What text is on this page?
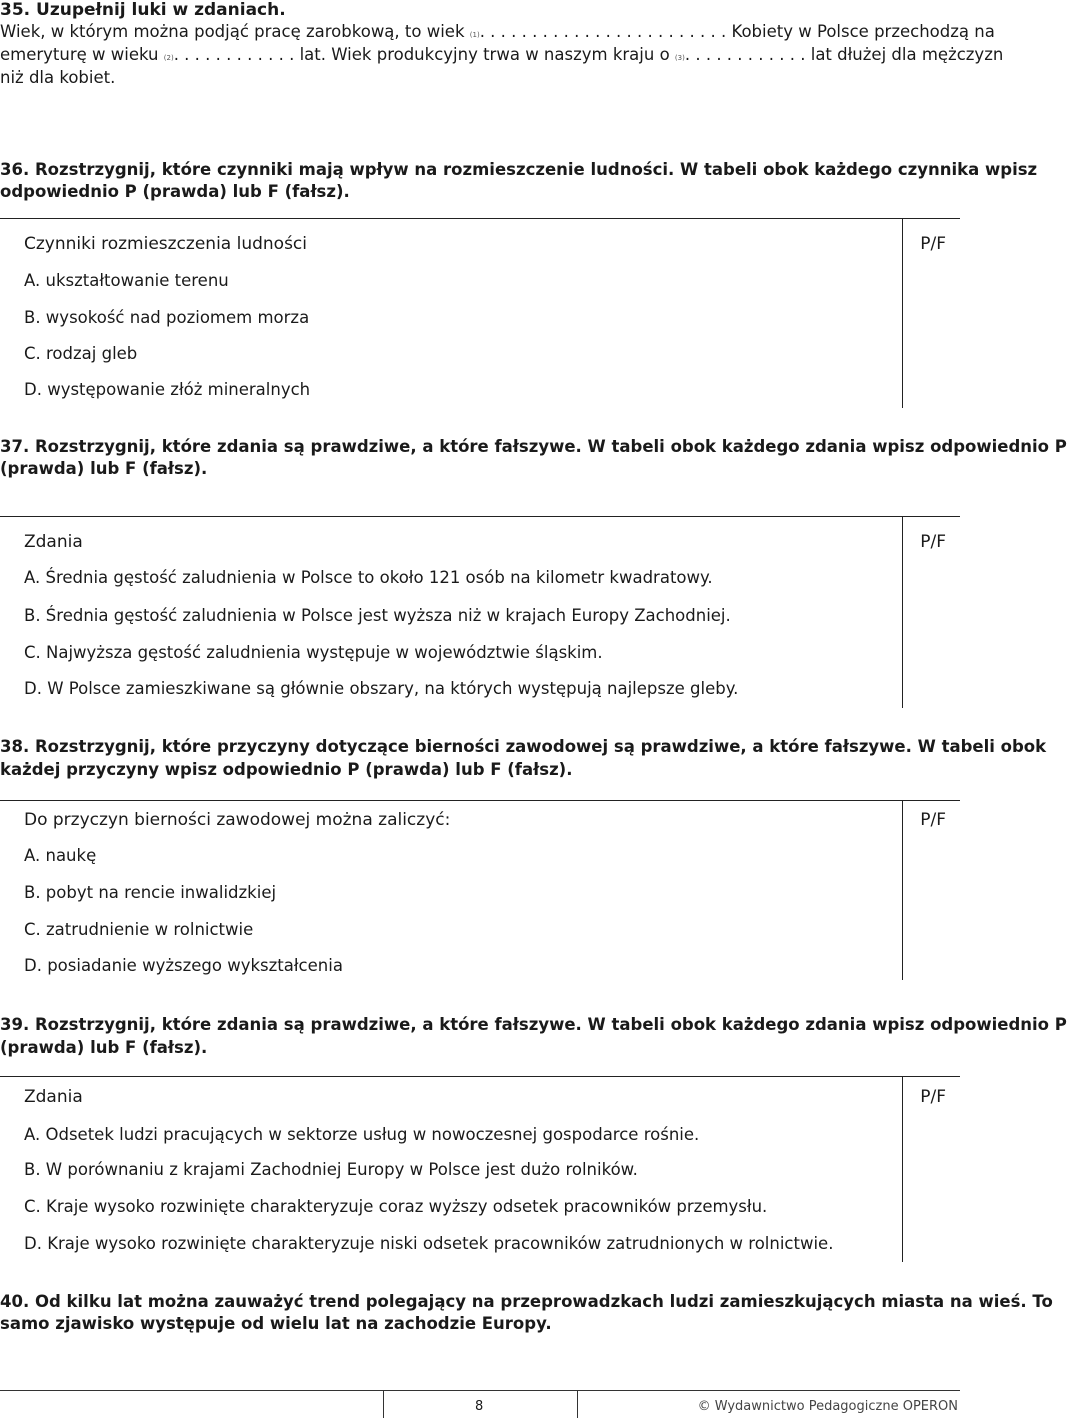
35. Uzupełnij luki w zdaniach.
Wiek, w którym można podjąć pracę zarobkową, to wiek (1). . . . . . . . . . . . . . . . . . . . . . . . Kobiety w Polsce przechodzą na
emeryturę w wieku (2). . . . . . . . . . . . lat. Wiek produkcyjny trwa w naszym kraju o (3). . . . . . . . . . . . lat dłużej dla mężczyzn
niż dla kobiet.
36. Rozstrzygnij, które czynniki mają wpływ na rozmieszczenie ludności. W tabeli obok każdego czynnika wpisz
odpowiednio P (prawda) lub F (fałsz).
Czynniki rozmieszczenia ludności	P/F
A. ukształtowanie terenu
B. wysokość nad poziomem morza
C. rodzaj gleb
D. występowanie złóż mineralnych
37. Rozstrzygnij, które zdania są prawdziwe, a które fałszywe. W tabeli obok każdego zdania wpisz odpowiednio P
(prawda) lub F (fałsz).
Zdania	P/F
A. Średnia gęstość zaludnienia w Polsce to około 121 osób na kilometr kwadratowy.
B. Średnia gęstość zaludnienia w Polsce jest wyższa niż w krajach Europy Zachodniej.
C. Najwyższa gęstość zaludnienia występuje w województwie śląskim.
D. W Polsce zamieszkiwane są głównie obszary, na których występują najlepsze gleby.
38. Rozstrzygnij, które przyczyny dotyczące bierności zawodowej są prawdziwe, a które fałszywe. W tabeli obok
każdej przyczyny wpisz odpowiednio P (prawda) lub F (fałsz).
Do przyczyn bierności zawodowej można zaliczyć:	P/F
A. naukę
B. pobyt na rencie inwalidzkiej
C. zatrudnienie w rolnictwie
D. posiadanie wyższego wykształcenia
39. Rozstrzygnij, które zdania są prawdziwe, a które fałszywe. W tabeli obok każdego zdania wpisz odpowiednio P
(prawda) lub F (fałsz).
Zdania	P/F
A. Odsetek ludzi pracujących w sektorze usług w nowoczesnej gospodarce rośnie.
B. W porównaniu z krajami Zachodniej Europy w Polsce jest dużo rolników.
C. Kraje wysoko rozwinięte charakteryzuje coraz wyższy odsetek pracowników przemysłu.
D. Kraje wysoko rozwinięte charakteryzuje niski odsetek pracowników zatrudnionych w rolnictwie.
40. Od kilku lat można zauważyć trend polegający na przeprowadzkach ludzi zamieszkujących miasta na wieś. To
samo zjawisko występuje od wielu lat na zachodzie Europy.
8	© Wydawnictwo Pedagogiczne OPERON
